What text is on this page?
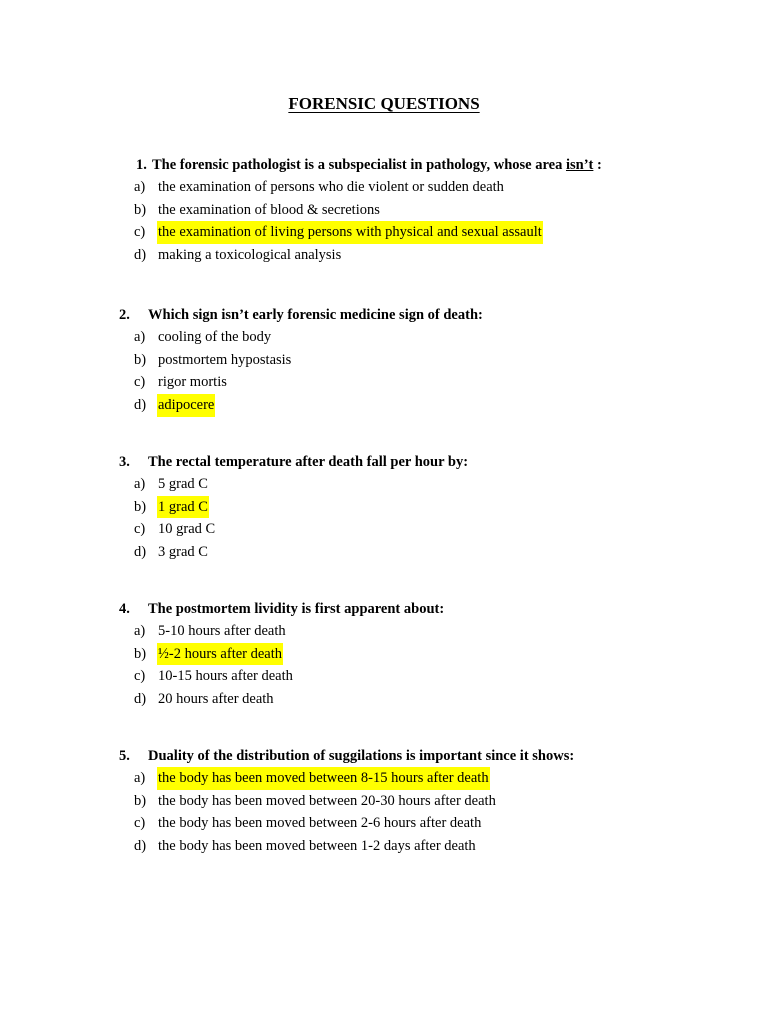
FORENSIC QUESTIONS
1. The forensic pathologist is a subspecialist in pathology, whose area isn’t :
a) the examination of persons who die violent or sudden death
b) the examination of blood & secretions
c) the examination of living persons with physical and sexual assault
d) making a toxicological analysis
2. Which sign isn’t early forensic medicine sign of death:
a) cooling of the body
b) postmortem hypostasis
c) rigor mortis
d) adipocere
3. The rectal temperature after death fall per hour by:
a) 5 grad C
b) 1 grad C
c) 10 grad C
d) 3 grad C
4. The postmortem lividity is first apparent about:
a) 5-10 hours after death
b) ½-2 hours after death
c) 10-15 hours after death
d) 20 hours after death
5. Duality of the distribution of suggilations is important since it shows:
a) the body has been moved between 8-15 hours after death
b) the body has been moved between 20-30 hours after death
c) the body has been moved between 2-6 hours after death
d) the body has been moved between 1-2 days after death
